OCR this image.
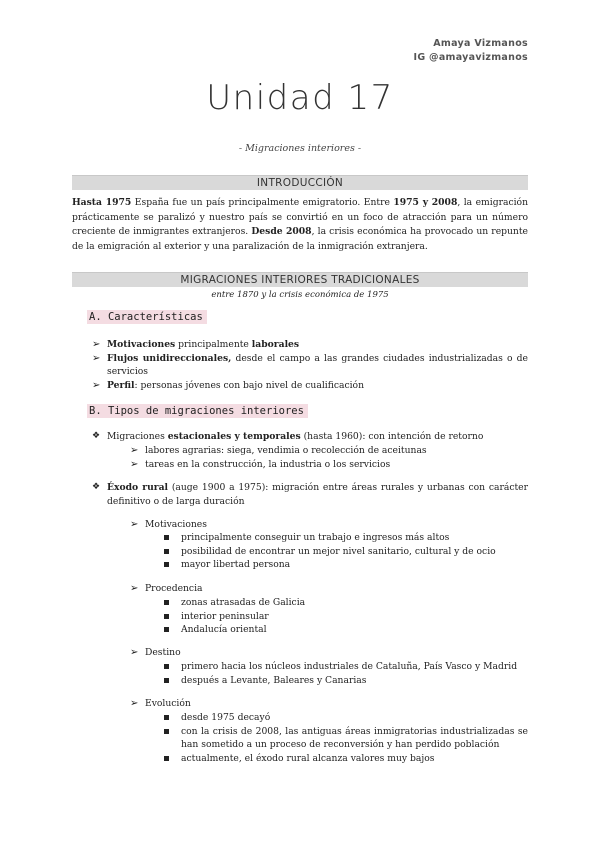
Amaya Vizmanos
IG @amayavizmanos
Unidad 17
- Migraciones interiores -
INTRODUCCIÓN
Hasta 1975 España fue un país principalmente emigratorio. Entre 1975 y 2008, la emigración prácticamente se paralizó y nuestro país se convirtió en un foco de atracción para un número creciente de inmigrantes extranjeros. Desde 2008, la crisis económica ha provocado un repunte de la emigración al exterior y una paralización de la inmigración extranjera.
MIGRACIONES INTERIORES TRADICIONALES
entre 1870 y la crisis económica de 1975
A. Características
➢ Motivaciones principalmente laborales
➢ Flujos unidireccionales, desde el campo a las grandes ciudades industrializadas o de servicios
➢ Perfil: personas jóvenes con bajo nivel de cualificación
B. Tipos de migraciones interiores
❖ Migraciones estacionales y temporales (hasta 1960): con intención de retorno
➢ labores agrarias: siega, vendimia o recolección de aceitunas
➢ tareas en la construcción, la industria o los servicios
❖ Éxodo rural (auge 1900 a 1975): migración entre áreas rurales y urbanas con carácter definitivo o de larga duración
➢ Motivaciones
principalmente conseguir un trabajo e ingresos más altos
posibilidad de encontrar un mejor nivel sanitario, cultural y de ocio
mayor libertad persona
➢ Procedencia
zonas atrasadas de Galicia
interior peninsular
Andalucía oriental
➢ Destino
primero hacia los núcleos industriales de Cataluña, País Vasco y Madrid
después a Levante, Baleares y Canarias
➢ Evolución
desde 1975 decayó
con la crisis de 2008, las antiguas áreas inmigratorias industrializadas se han sometido a un proceso de reconversión y han perdido población
actualmente, el éxodo rural alcanza valores muy bajos
